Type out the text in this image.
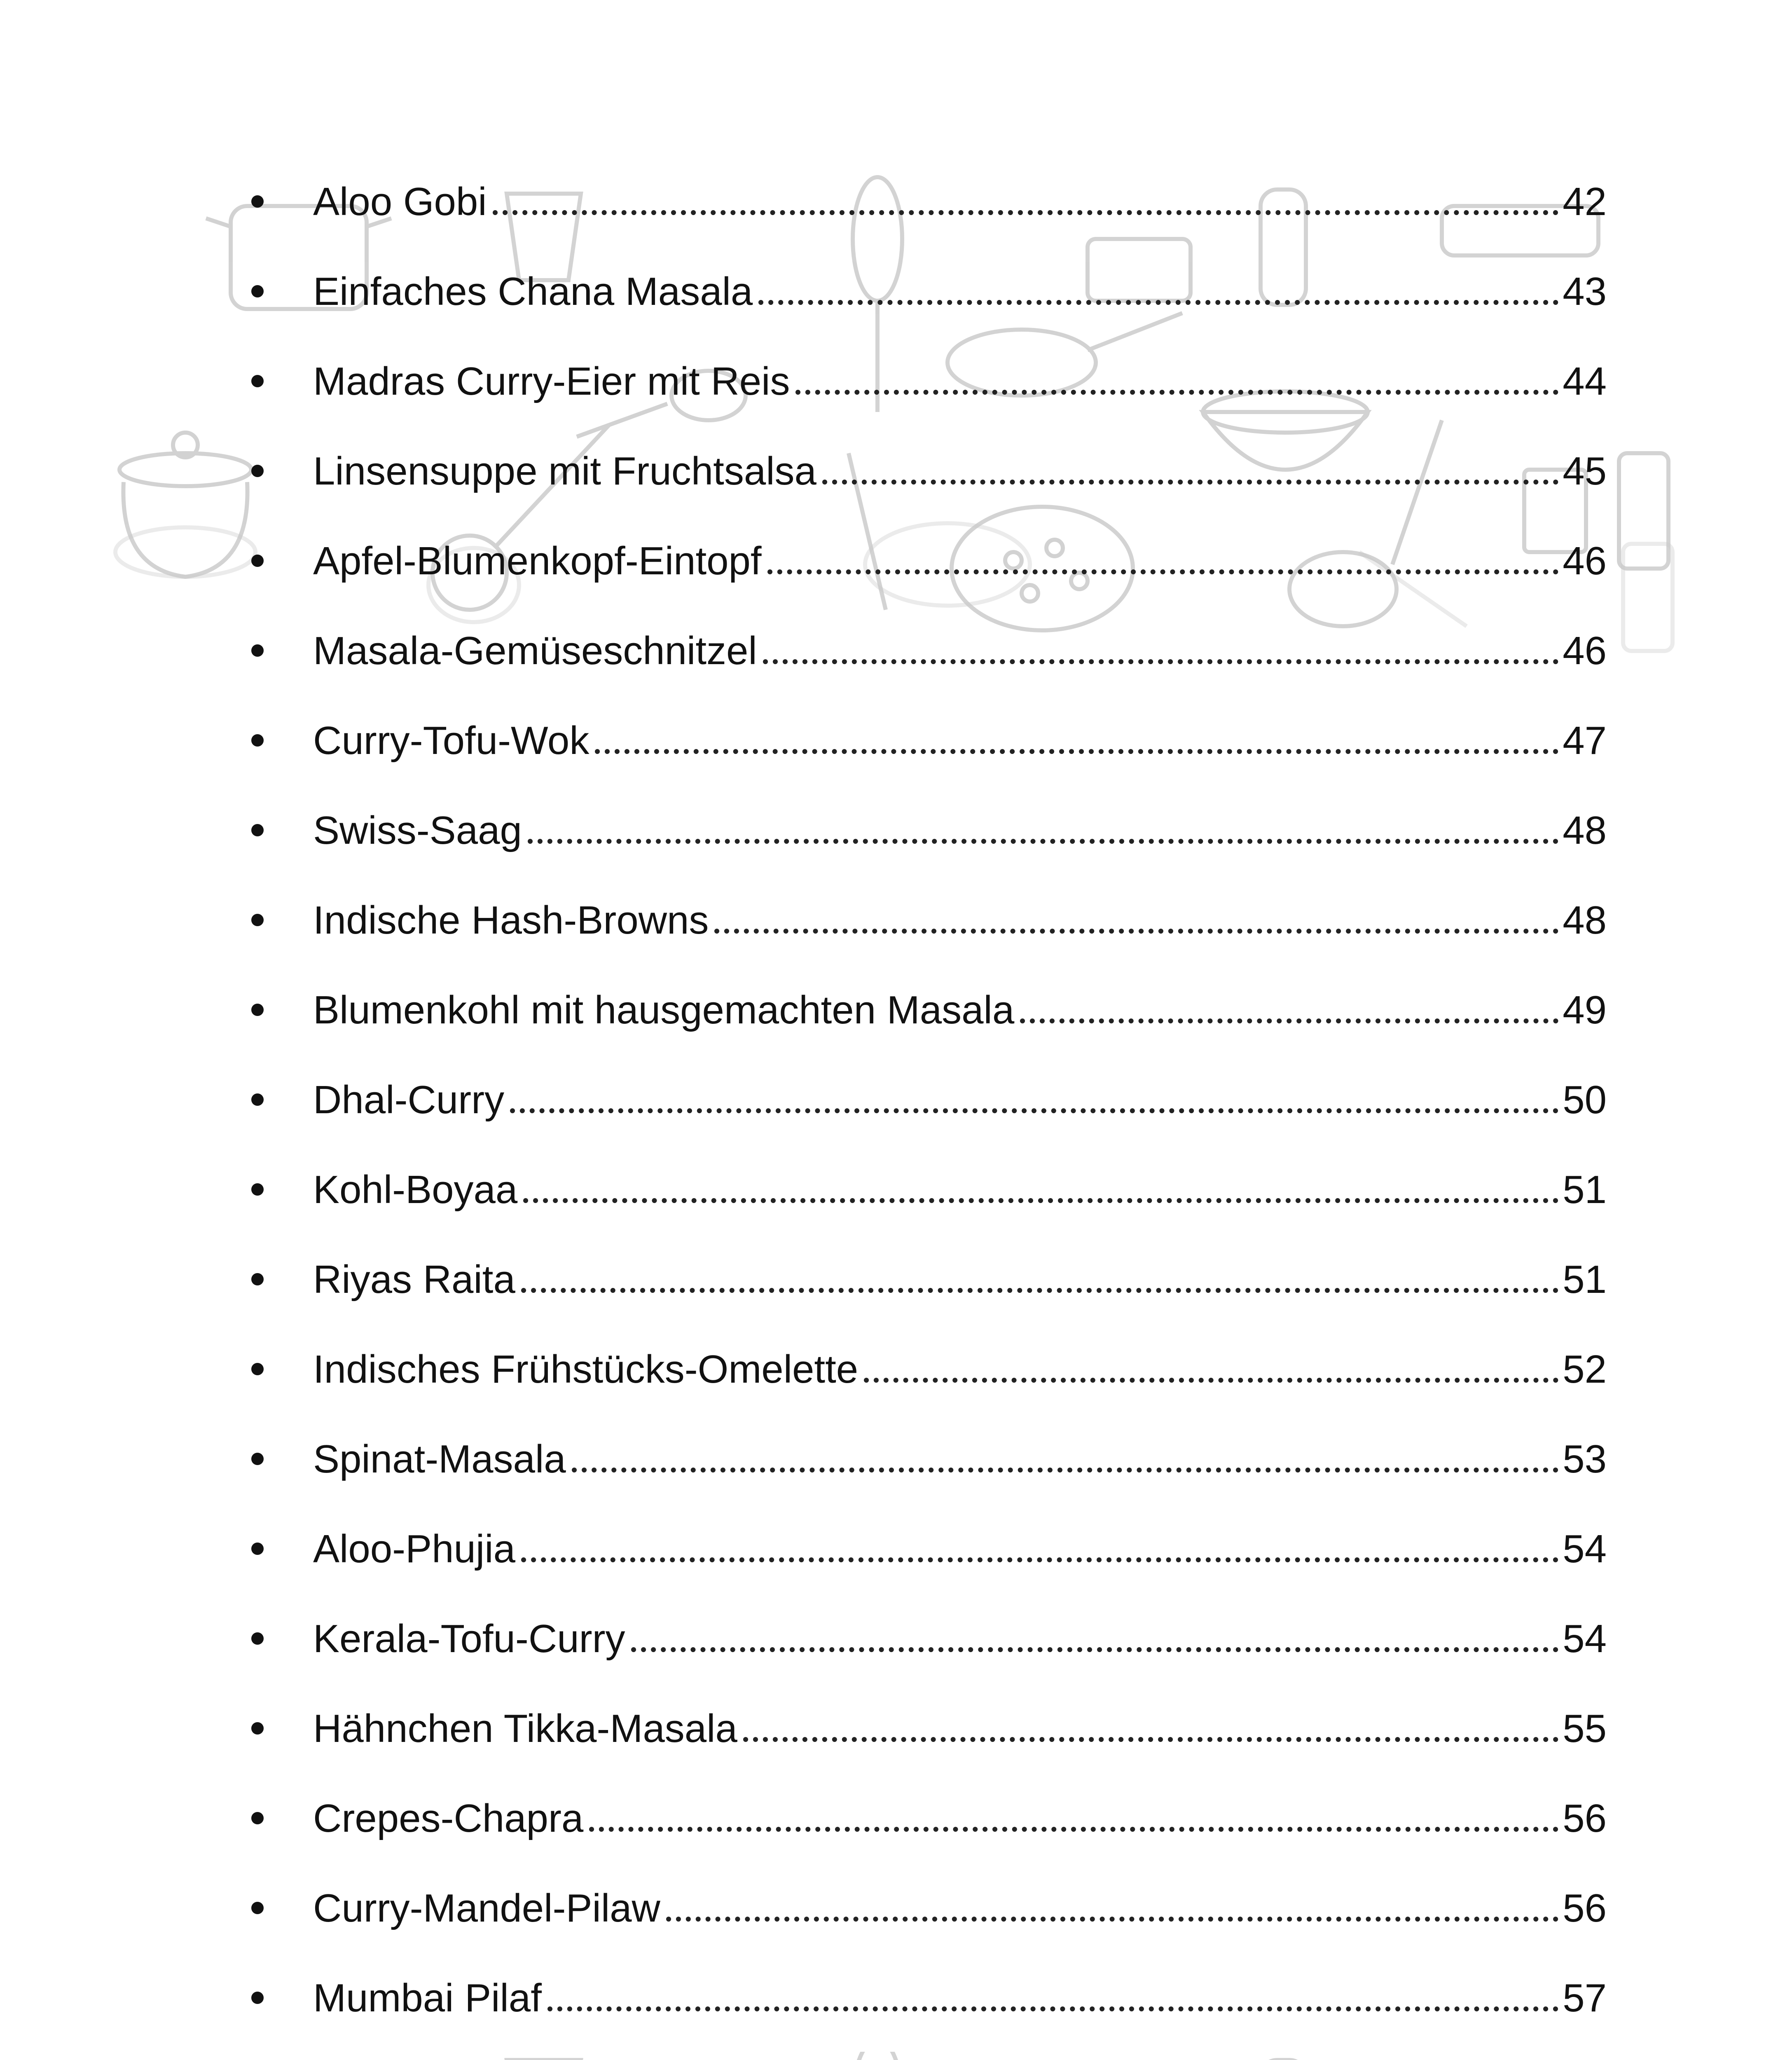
Aloo Gobi	42
Einfaches Chana Masala	43
Madras Curry-Eier mit Reis	44
Linsensuppe mit Fruchtsalsa	45
Apfel-Blumenkopf-Eintopf	46
Masala-Gemüseschnitzel	46
Curry-Tofu-Wok	47
Swiss-Saag	48
Indische Hash-Browns	48
Blumenkohl mit hausgemachten Masala	49
Dhal-Curry	50
Kohl-Boyaa	51
Riyas Raita	51
Indisches Frühstücks-Omelette	52
Spinat-Masala	53
Aloo-Phujia	54
Kerala-Tofu-Curry	54
Hähnchen Tikka-Masala	55
Crepes-Chapra	56
Curry-Mandel-Pilaw	56
Mumbai Pilaf	57
